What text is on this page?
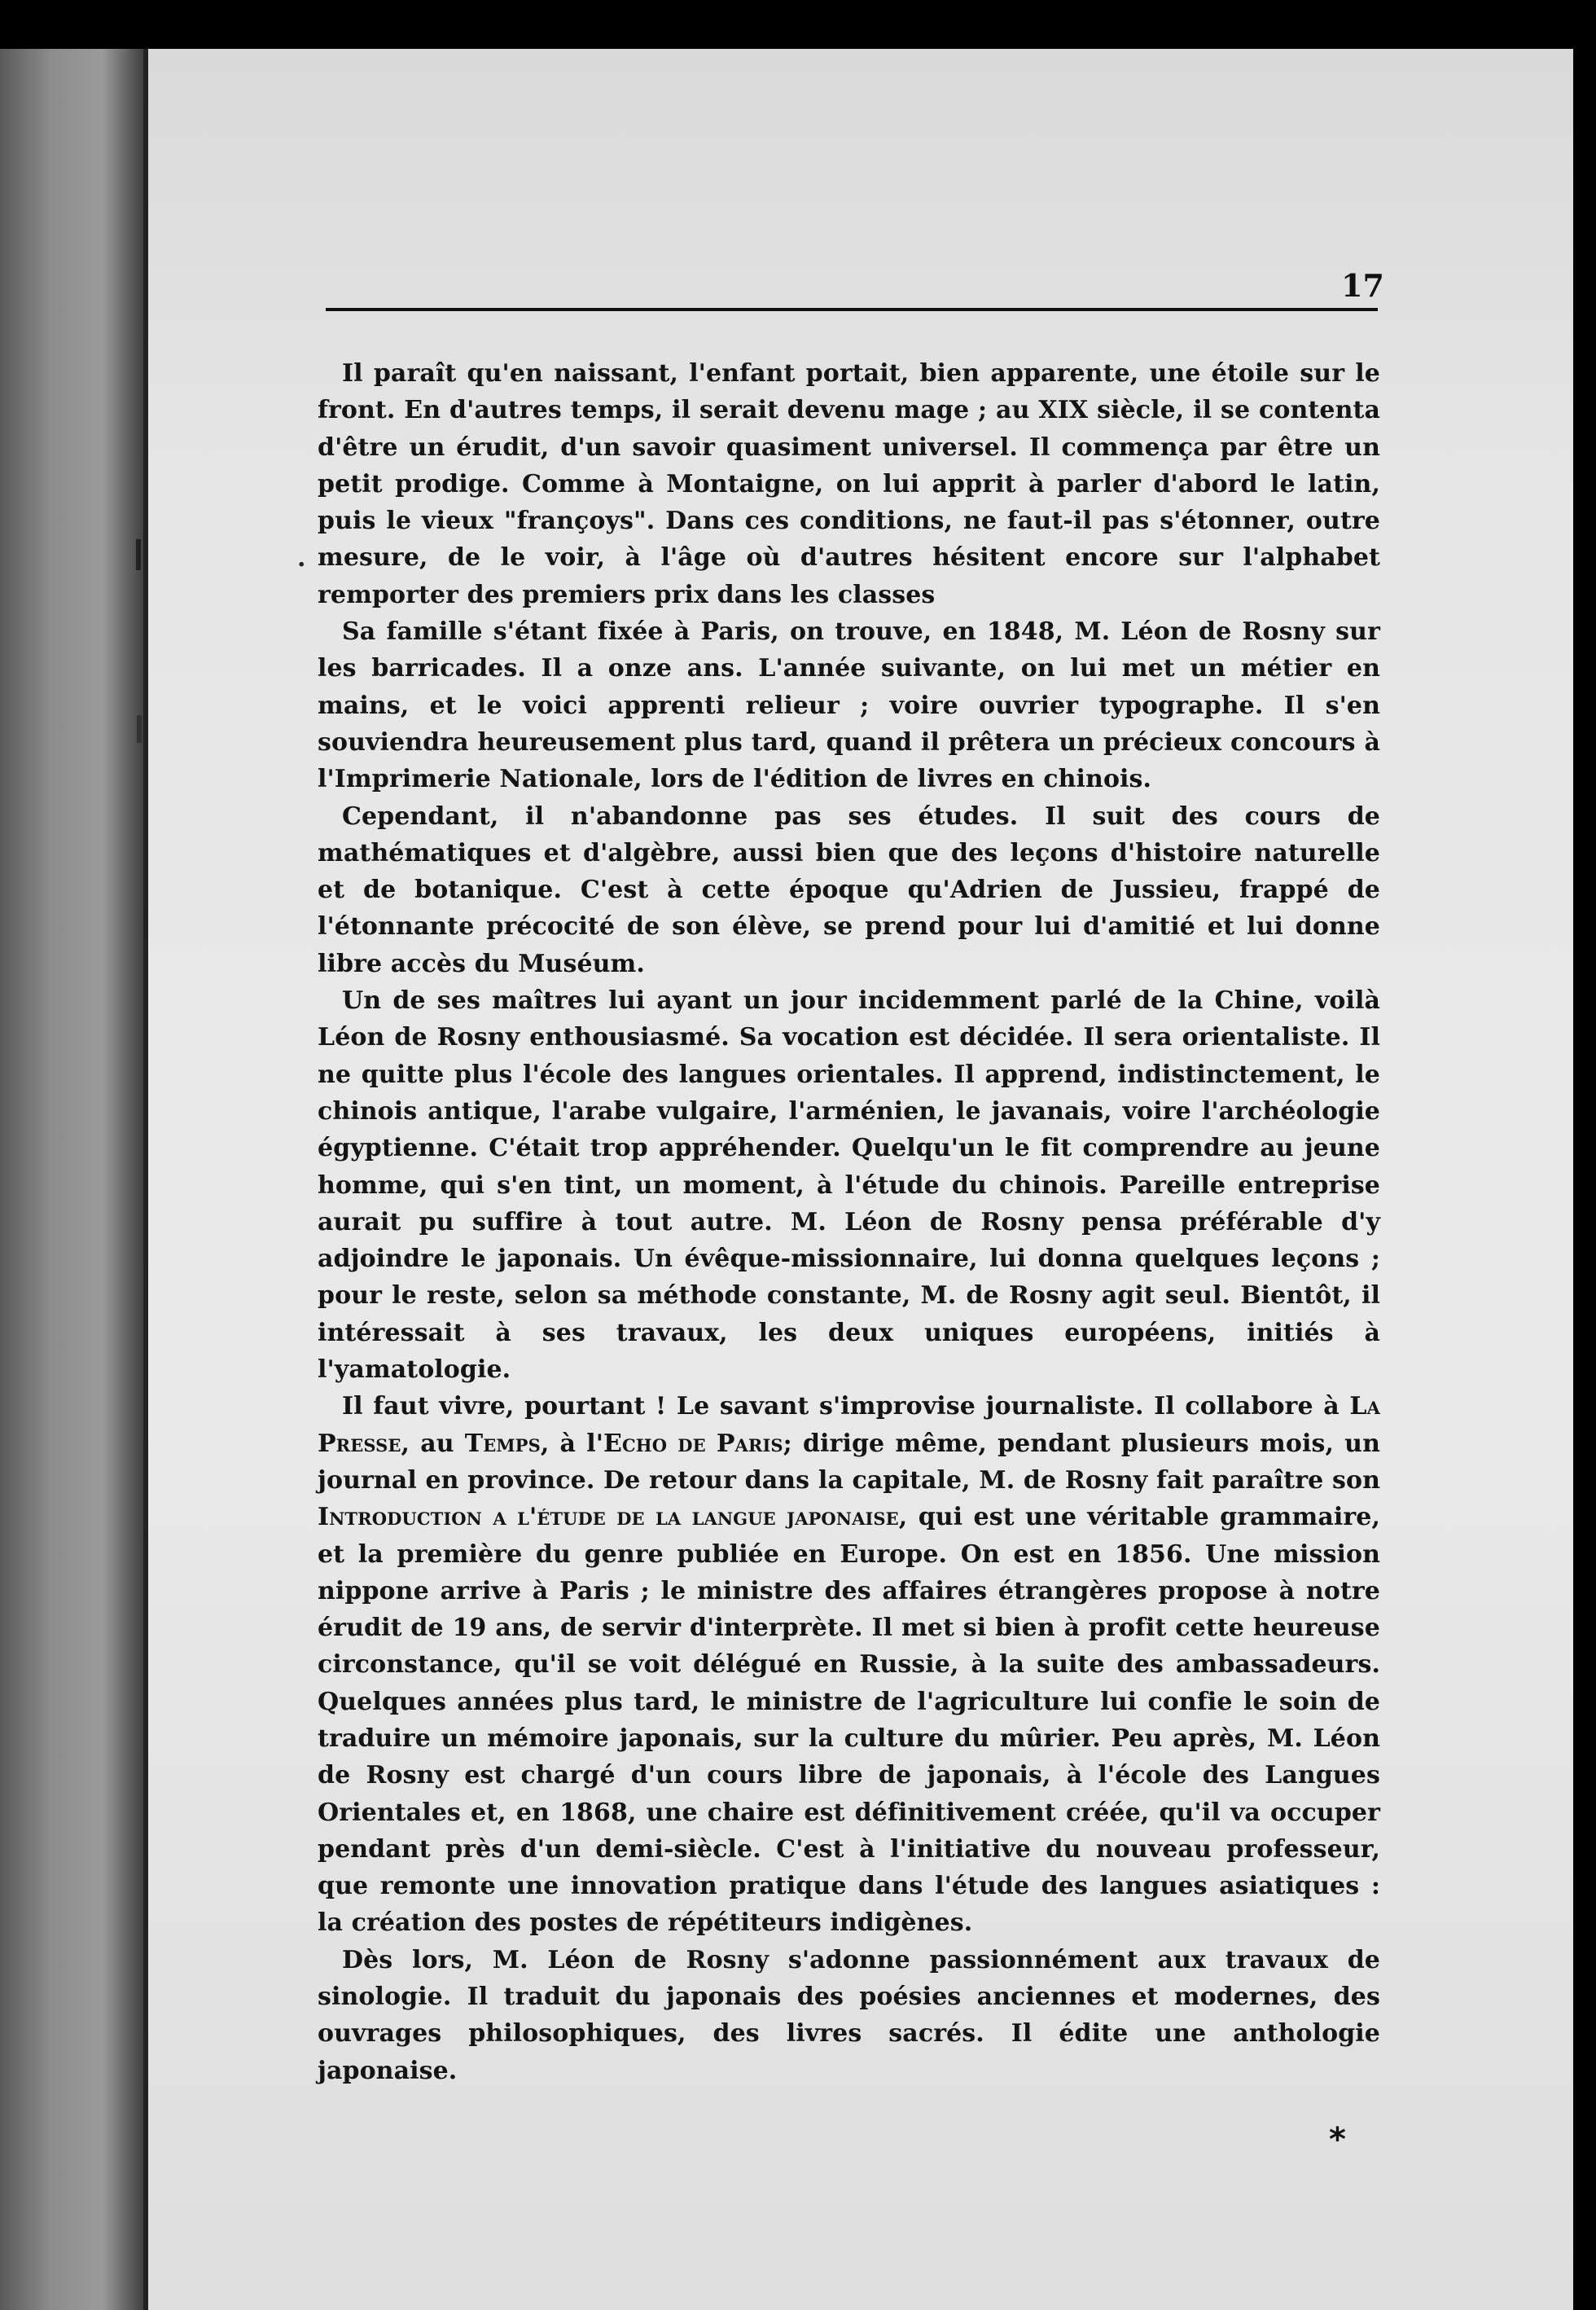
17
.

Il paraît qu'en naissant, l'enfant portait, bien apparente, une étoile sur le front. En d'autres temps, il serait devenu mage ; au XIX siècle, il se contenta d'être un érudit, d'un savoir quasiment universel. Il commença par être un petit prodige. Comme à Montaigne, on lui apprit à parler d'abord le latin, puis le vieux "françoys". Dans ces conditions, ne faut-il pas s'étonner, outre mesure, de le voir, à l'âge où d'autres hésitent encore sur l'alphabet remporter des premiers prix dans les classes

Sa famille s'étant fixée à Paris, on trouve, en 1848, M. Léon de Rosny sur les barricades. Il a onze ans. L'année suivante, on lui met un métier en mains, et le voici apprenti relieur ; voire ouvrier typographe. Il s'en souviendra heureusement plus tard, quand il prêtera un précieux concours à l'Imprimerie Nationale, lors de l'édition de livres en chinois.

Cependant, il n'abandonne pas ses études. Il suit des cours de mathématiques et d'algèbre, aussi bien que des leçons d'histoire naturelle et de botanique. C'est à cette époque qu'Adrien de Jussieu, frappé de l'étonnante précocité de son élève, se prend pour lui d'amitié et lui donne libre accès du Muséum.

Un de ses maîtres lui ayant un jour incidemment parlé de la Chine, voilà Léon de Rosny enthousiasmé. Sa vocation est décidée. Il sera orientaliste. Il ne quitte plus l'école des langues orientales. Il apprend, indistinctement, le chinois antique, l'arabe vulgaire, l'arménien, le javanais, voire l'archéologie égyptienne. C'était trop appréhender. Quelqu'un le fit comprendre au jeune homme, qui s'en tint, un moment, à l'étude du chinois. Pareille entreprise aurait pu suffire à tout autre. M. Léon de Rosny pensa préférable d'y adjoindre le japonais. Un évêque-missionnaire, lui donna quelques leçons ; pour le reste, selon sa méthode constante, M. de Rosny agit seul. Bientôt, il intéressait à ses travaux, les deux uniques européens, initiés à l'yamatologie.

Il faut vivre, pourtant ! Le savant s'improvise journaliste. Il collabore à La Presse, au Temps, à l'Echo de Paris; dirige même, pendant plusieurs mois, un journal en province. De retour dans la capitale, M. de Rosny fait paraître son Introduction a l'étude de la langue japonaise, qui est une véritable grammaire, et la première du genre publiée en Europe. On est en 1856. Une mission nippone arrive à Paris ; le ministre des affaires étrangères propose à notre érudit de 19 ans, de servir d'interprète. Il met si bien à profit cette heureuse circonstance, qu'il se voit délégué en Russie, à la suite des ambassadeurs. Quelques années plus tard, le ministre de l'agriculture lui confie le soin de traduire un mémoire japonais, sur la culture du mûrier. Peu après, M. Léon de Rosny est chargé d'un cours libre de japonais, à l'école des Langues Orientales et, en 1868, une chaire est définitivement créée, qu'il va occuper pendant près d'un demi-siècle. C'est à l'initiative du nouveau professeur, que remonte une innovation pratique dans l'étude des langues asiatiques : la création des postes de répétiteurs indigènes.

Dès lors, M. Léon de Rosny s'adonne passionnément aux travaux de sinologie. Il traduit du japonais des poésies anciennes et modernes, des ouvrages philosophiques, des livres sacrés. Il édite une anthologie japonaise.

*
